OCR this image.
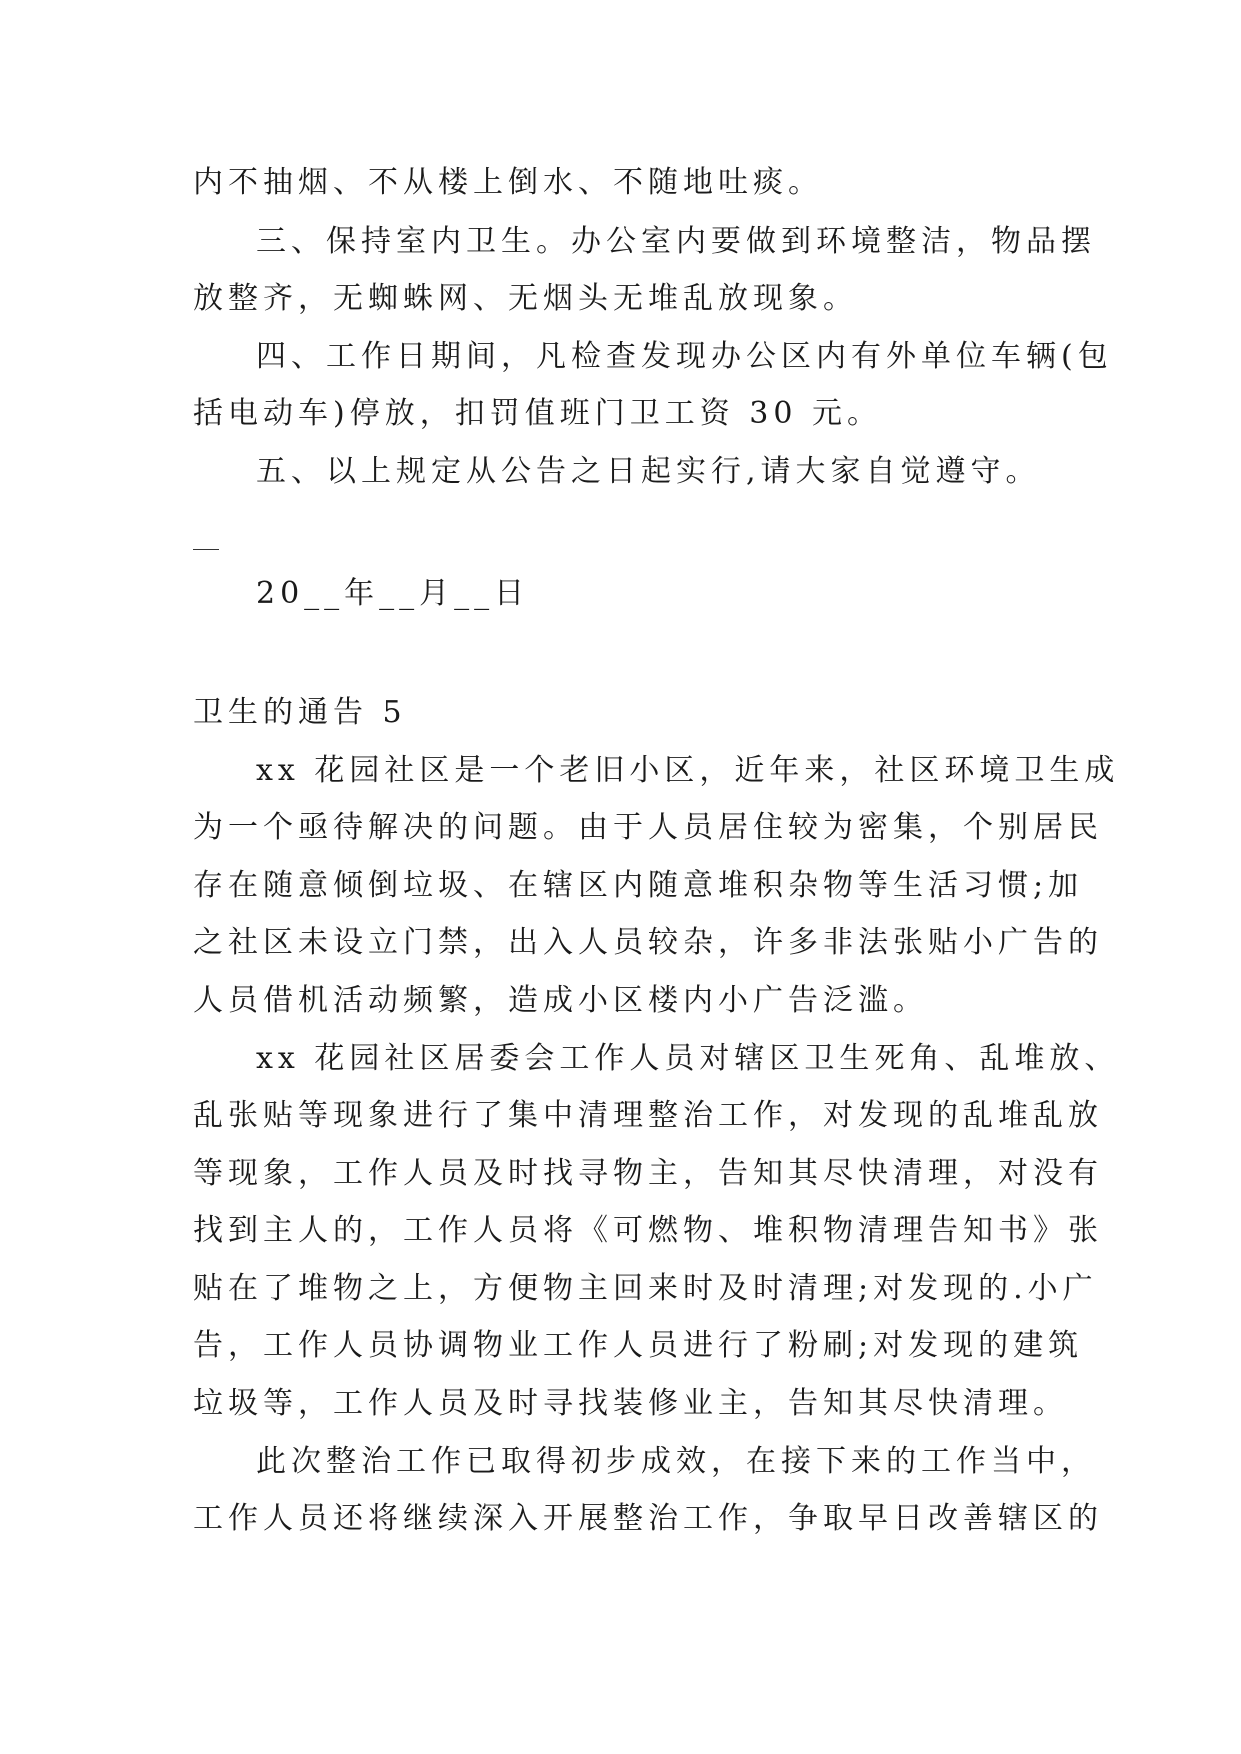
内不抽烟、不从楼上倒水、不随地吐痰。
三、保持室内卫生。办公室内要做到环境整洁，物品摆
放整齐，无蜘蛛网、无烟头无堆乱放现象。
四、工作日期间，凡检查发现办公区内有外单位车辆(包
括电动车)停放，扣罚值班门卫工资 30 元。
五、以上规定从公告之日起实行,请大家自觉遵守。
20__年__月__日
卫生的通告 5
xx 花园社区是一个老旧小区，近年来，社区环境卫生成
为一个亟待解决的问题。由于人员居住较为密集，个别居民
存在随意倾倒垃圾、在辖区内随意堆积杂物等生活习惯;加
之社区未设立门禁，出入人员较杂，许多非法张贴小广告的
人员借机活动频繁，造成小区楼内小广告泛滥。
xx 花园社区居委会工作人员对辖区卫生死角、乱堆放、
乱张贴等现象进行了集中清理整治工作，对发现的乱堆乱放
等现象，工作人员及时找寻物主，告知其尽快清理，对没有
找到主人的，工作人员将《可燃物、堆积物清理告知书》张
贴在了堆物之上，方便物主回来时及时清理;对发现的.小广
告，工作人员协调物业工作人员进行了粉刷;对发现的建筑
垃圾等，工作人员及时寻找装修业主，告知其尽快清理。
此次整治工作已取得初步成效，在接下来的工作当中，
工作人员还将继续深入开展整治工作，争取早日改善辖区的
